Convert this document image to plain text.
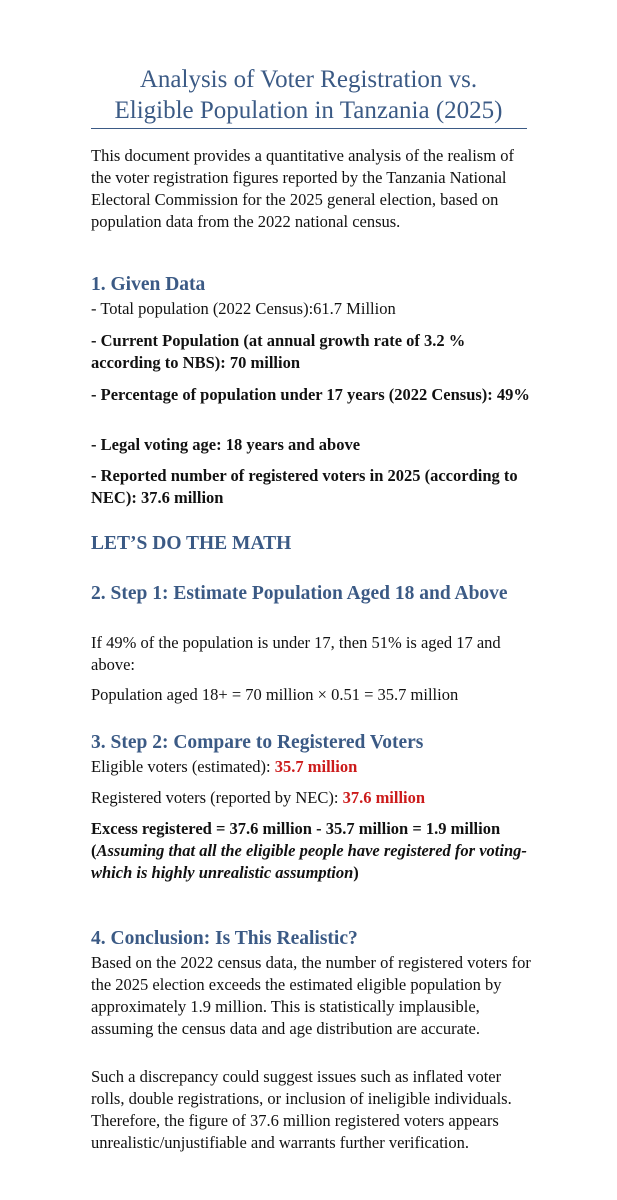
Analysis of Voter Registration vs.
Eligible Population in Tanzania (2025)

This document provides a quantitative analysis of the realism of the voter registration figures reported by the Tanzania National Electoral Commission for the 2025 general election, based on population data from the 2022 national census.

1. Given Data

- Total population (2022 Census):61.7 Million

- Current Population (at annual growth rate of 3.2 % according to NBS): 70 million

- Percentage of population under 17 years (2022 Census): 49%

- Legal voting age: 18 years and above

- Reported number of registered voters in 2025 (according to NEC): 37.6 million

LET’S DO THE MATH
2. Step 1: Estimate Population Aged 18 and Above

If 49% of the population is under 17, then 51% is aged 17 and above:

Population aged 18+ = 70 million × 0.51 = 35.7 million

3. Step 2: Compare to Registered Voters

Eligible voters (estimated): 35.7 million

Registered voters (reported by NEC): 37.6 million

Excess registered = 37.6 million - 35.7 million = 1.9 million (Assuming that all the eligible people have registered for voting-which is highly unrealistic assumption)

4. Conclusion: Is This Realistic?

Based on the 2022 census data, the number of registered voters for the 2025 election exceeds the estimated eligible population by approximately 1.9 million. This is statistically implausible, assuming the census data and age distribution are accurate.

Such a discrepancy could suggest issues such as inflated voter rolls, double registrations, or inclusion of ineligible individuals. Therefore, the figure of 37.6 million registered voters appears unrealistic/unjustifiable and warrants further verification.
